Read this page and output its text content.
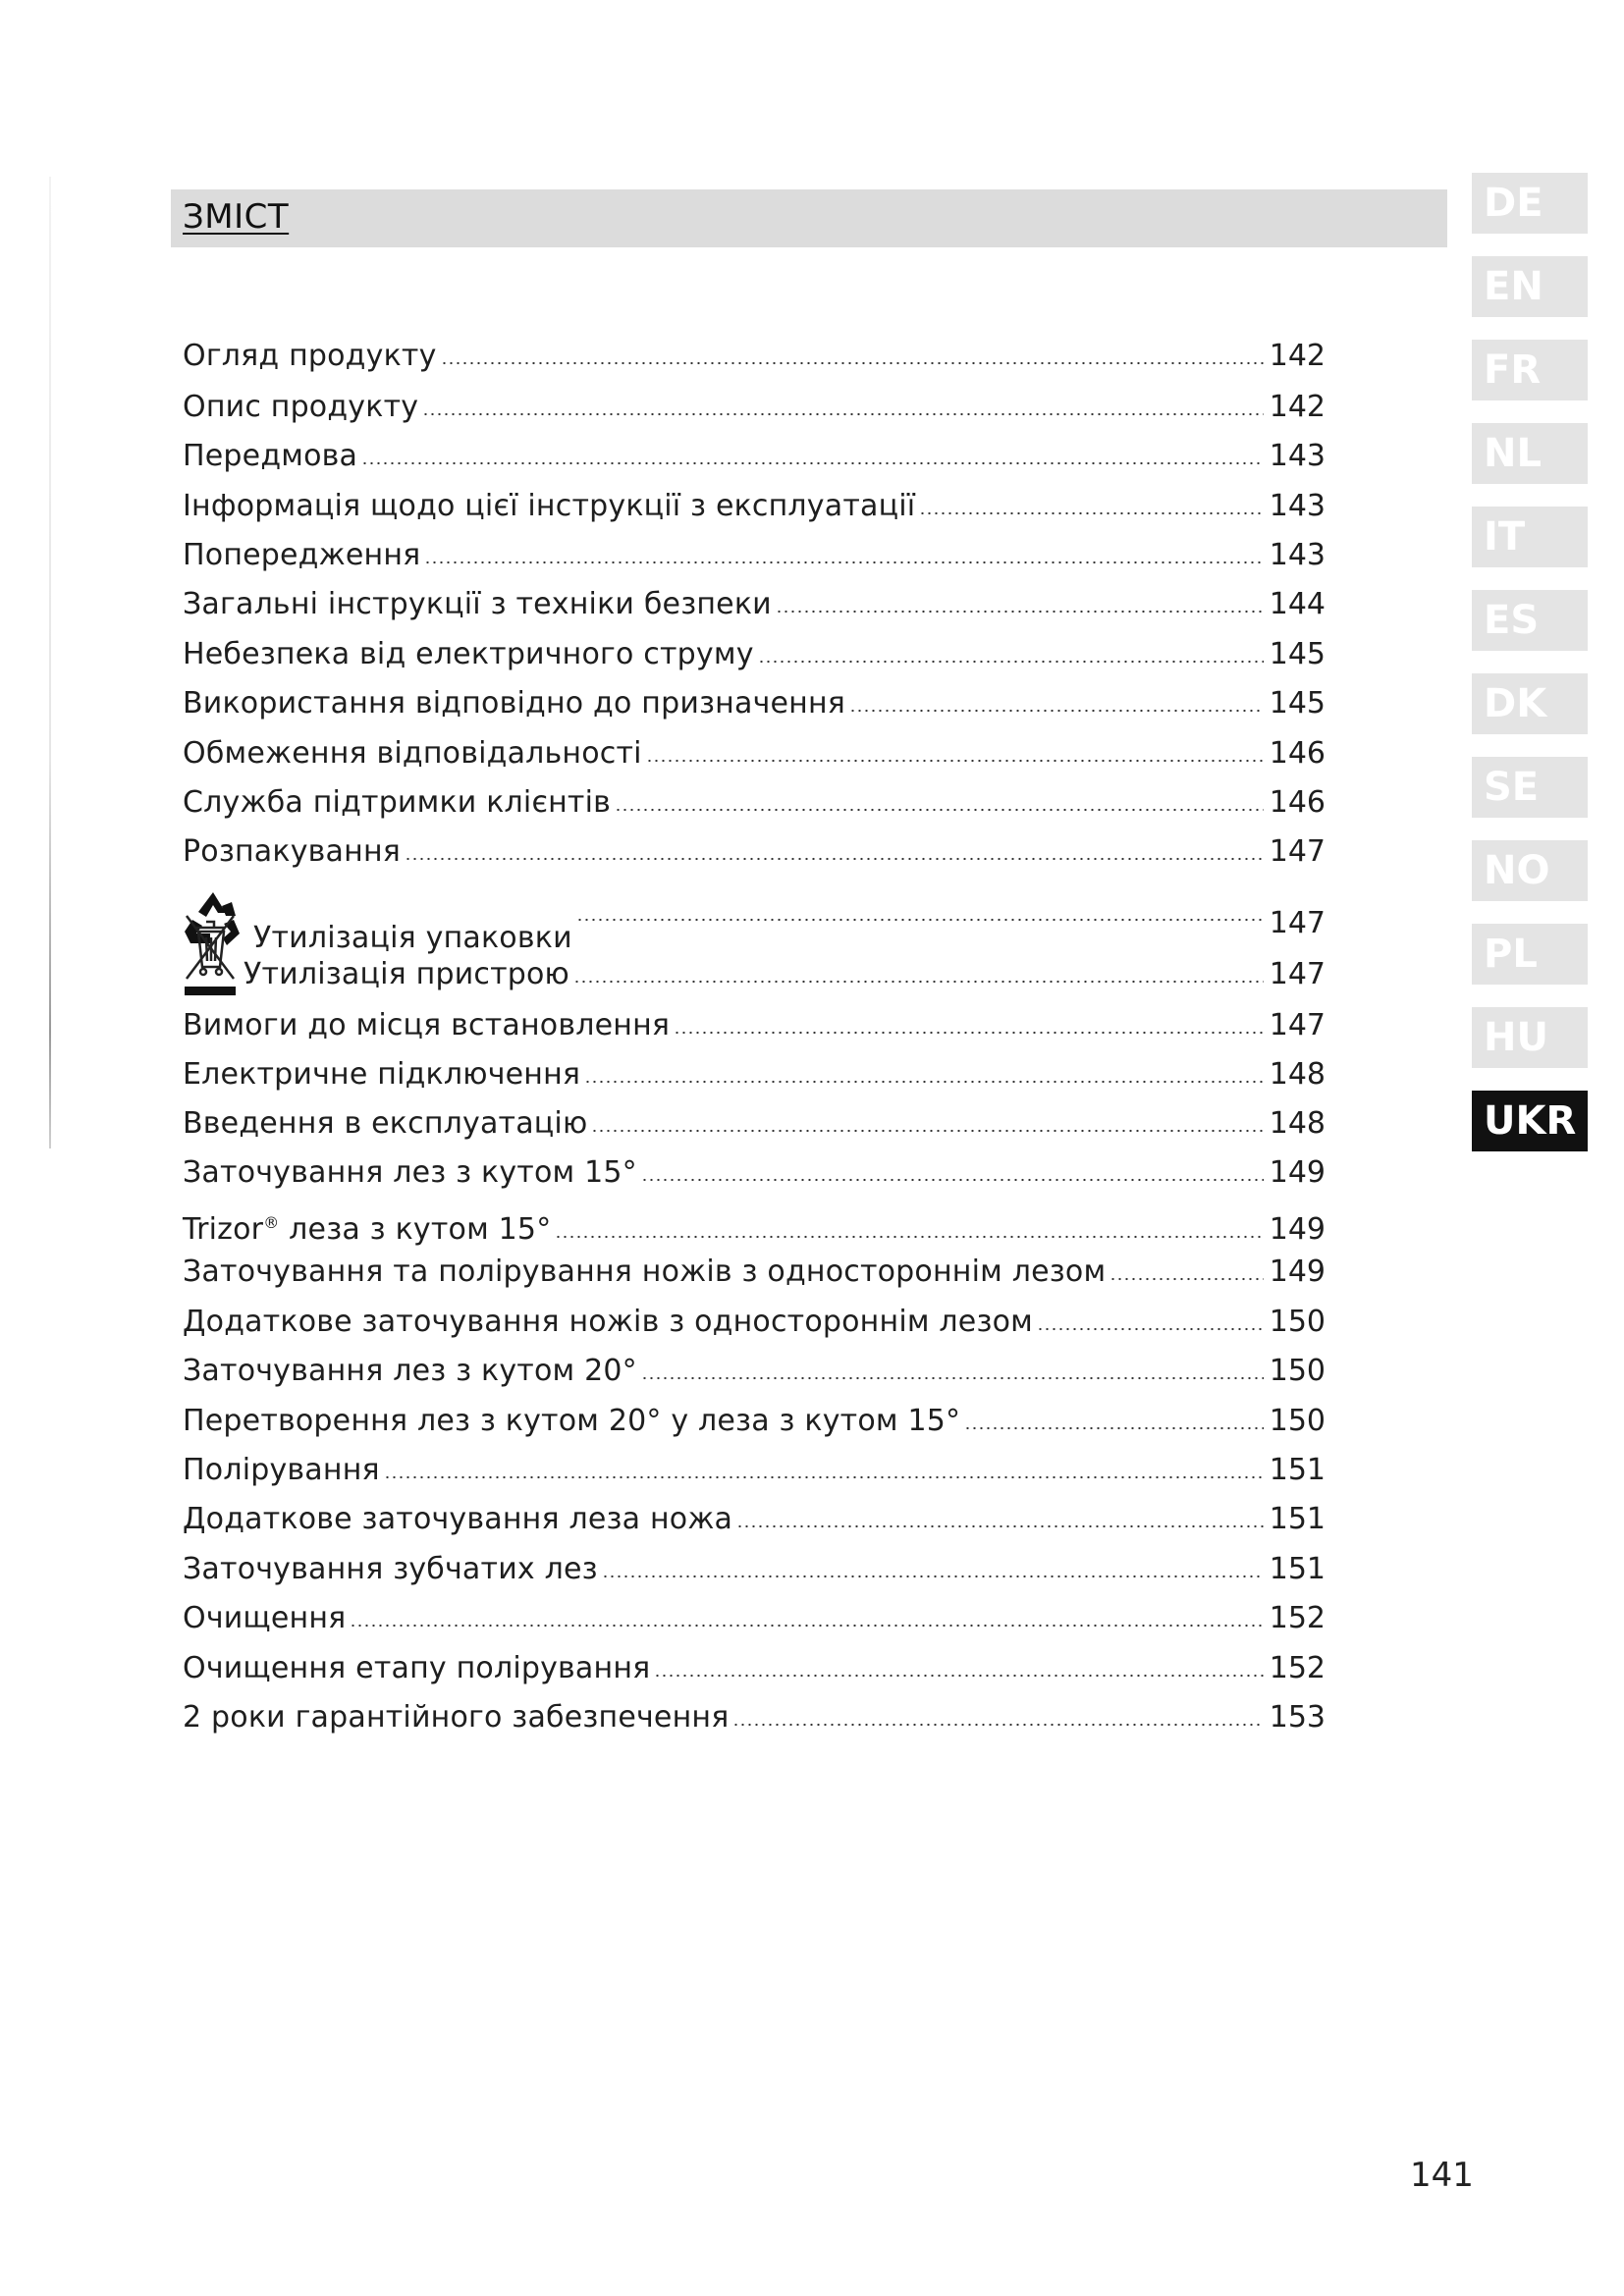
ЗМІСТ
Огляд продукту	142
Опис продукту	142
Передмова	143
Інформація щодо цієї інструкції з експлуатації	143
Попередження	143
Загальні інструкції з техніки безпеки	144
Небезпека від електричного струму	145
Використання відповідно до призначення	145
Обмеження відповідальності	146
Служба підтримки клієнтів	146
Розпакування	147
Утилізація упаковки	147
Утилізація пристрою	147
Вимоги до місця встановлення	147
Електричне підключення	148
Введення в експлуатацію	148
Заточування лез з кутом 15°	149
Trizor® леза з кутом 15°	149
Заточування та полірування ножів з одностороннім лезом	149
Додаткове заточування ножів з одностороннім лезом	150
Заточування лез з кутом 20°	150
Перетворення лез з кутом 20° у леза з кутом 15°	150
Полірування	151
Додаткове заточування леза ножа	151
Заточування зубчатих лез	151
Очищення	152
Очищення етапу полірування	152
2 роки гарантійного забезпечення	153
DE
EN
FR
NL
IT
ES
DK
SE
NO
PL
HU
UKR
141
